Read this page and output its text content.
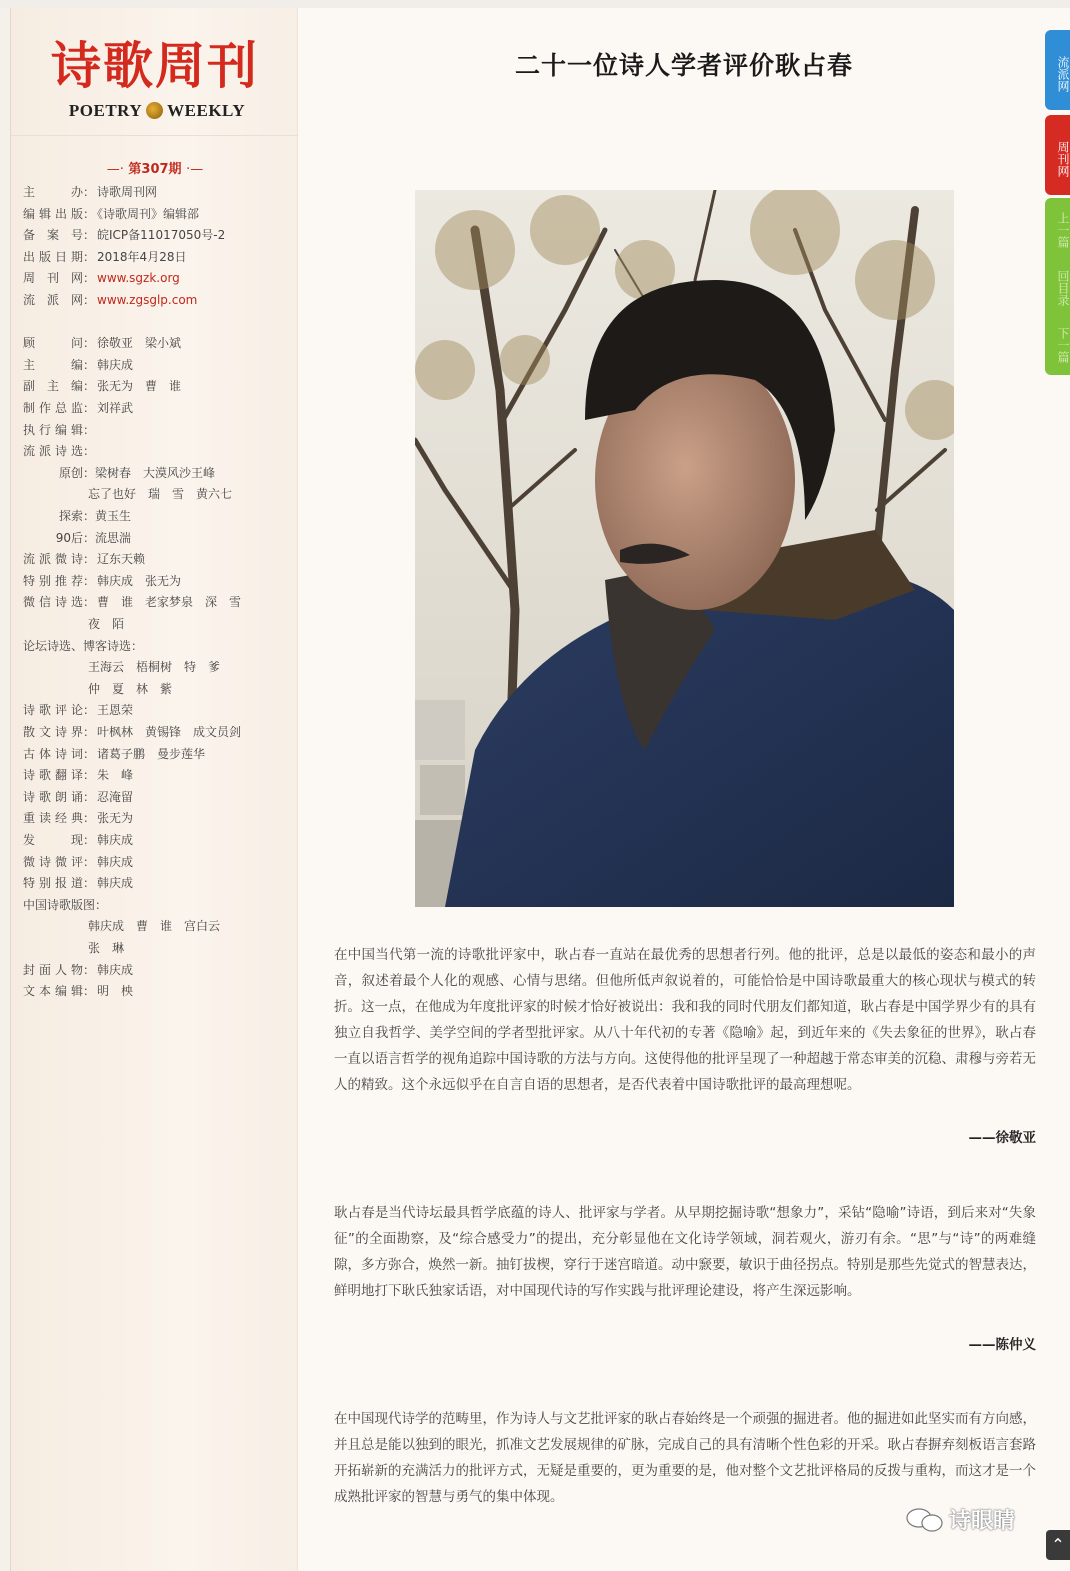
诗歌周刊
POETRY WEEKLY
—· 第307期 ·—
主　　办： 诗歌周刊网
编辑出版： 《诗歌周刊》编辑部
备 案 号： 皖ICP备11017050号-2
出版日期： 2018年4月28日
周 刊 网： www.sgzk.org
流 派 网： www.zgsglp.com
顾　　问： 徐敬亚　梁小斌
主　　编： 韩庆成
副 主 编： 张无为　曹　谁
制作总监： 刘祥武
执行编辑：
流派诗选：
原创：梁树春　大漠风沙王峰
忘了也好　瑞　雪　黄六七
探索：黄玉生
90后：流思湍
流派微诗： 辽东天赖
特别推荐： 韩庆成　张无为
微信诗选： 曹　谁　老家梦泉　深　雪
夜　陌
论坛诗选、博客诗选：
王海云　梧桐树　特　爹
仲　夏　林　紫
诗歌评论： 王恩荣
散文诗界： 叶枫林　黄锡锋　成文员剑
古体诗词： 诸葛子鹏　曼步莲华
诗歌翻译： 朱　峰
诗歌朗诵： 忍淹留
重读经典： 张无为
发　　现： 韩庆成
微诗微评： 韩庆成
特别报道： 韩庆成
中国诗歌版图：
韩庆成　曹　谁　宫白云
张　琳
封面人物： 韩庆成
文本编辑： 明　柍
二十一位诗人学者评价耿占春
在中国当代第一流的诗歌批评家中，耿占春一直站在最优秀的思想者行列。他的批评，总是以最低的姿态和最小的声音，叙述着最个人化的观感、心情与思绪。但他所低声叙说着的，可能恰恰是中国诗歌最重大的核心现状与模式的转折。这一点，在他成为年度批评家的时候才恰好被说出：我和我的同时代朋友们都知道，耿占春是中国学界少有的具有独立自我哲学、美学空间的学者型批评家。从八十年代初的专著《隐喻》起，到近年来的《失去象征的世界》，耿占春一直以语言哲学的视角追踪中国诗歌的方法与方向。这使得他的批评呈现了一种超越于常态审美的沉稳、肃穆与旁若无人的精致。这个永远似乎在自言自语的思想者，是否代表着中国诗歌批评的最高理想呢。
——徐敬亚
耿占春是当代诗坛最具哲学底蕴的诗人、批评家与学者。从早期挖掘诗歌“想象力”，采钻“隐喻”诗语，到后来对“失象征”的全面勘察，及“综合感受力”的提出，充分彰显他在文化诗学领域，洞若观火，游刃有余。“思”与“诗”的两难缝隙，多方弥合，焕然一新。抽钉拔楔，穿行于迷宫暗道。动中窾要，敏识于曲径拐点。特别是那些先觉式的智慧表达，鲜明地打下耿氏独家话语，对中国现代诗的写作实践与批评理论建设，将产生深远影响。
——陈仲义
在中国现代诗学的范畴里，作为诗人与文艺批评家的耿占春始终是一个顽强的掘进者。他的掘进如此坚实而有方向感，并且总是能以独到的眼光，抓准文艺发展规律的矿脉，完成自己的具有清晰个性色彩的开采。耿占春摒弃刻板语言套路开拓崭新的充满活力的批评方式，无疑是重要的，更为重要的是，他对整个文艺批评格局的反拨与重构，而这才是一个成熟批评家的智慧与勇气的集中体现。
流派网
周刊网
上一篇
回目录
下一篇
诗眼睛
⌃
